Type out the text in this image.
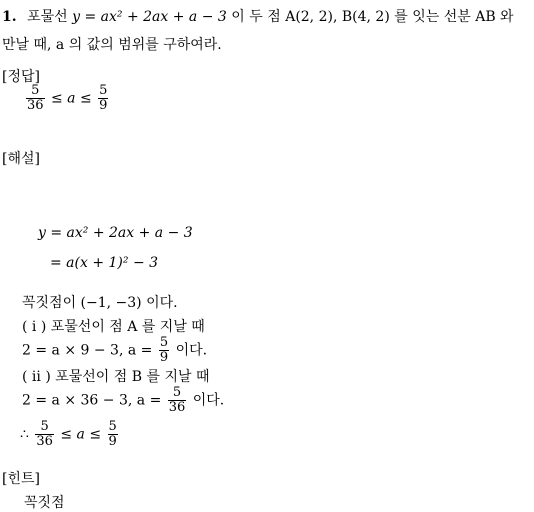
1. 포물선 y = ax² + 2ax + a − 3 이 두 점 A(2, 2), B(4, 2) 를 잇는 선분 AB 와
만날 때, a 의 값의 범위를 구하여라.
[정답]
$\frac{5}{36} \le a \le \frac{5}{9}$
[해설]
y = ax² + 2ax + a − 3
= a(x + 1)² − 3
꼭짓점이 (−1, −3) 이다.
( i ) 포물선이 점 A 를 지날 때
2 = a × 9 − 3, $a = \frac{5}{9}$ 이다.
( ii ) 포물선이 점 B 를 지날 때
2 = a × 36 − 3, $a = \frac{5}{36}$ 이다.
∴ $\frac{5}{36} \le a \le \frac{5}{9}$
[힌트]
꼭짓점
